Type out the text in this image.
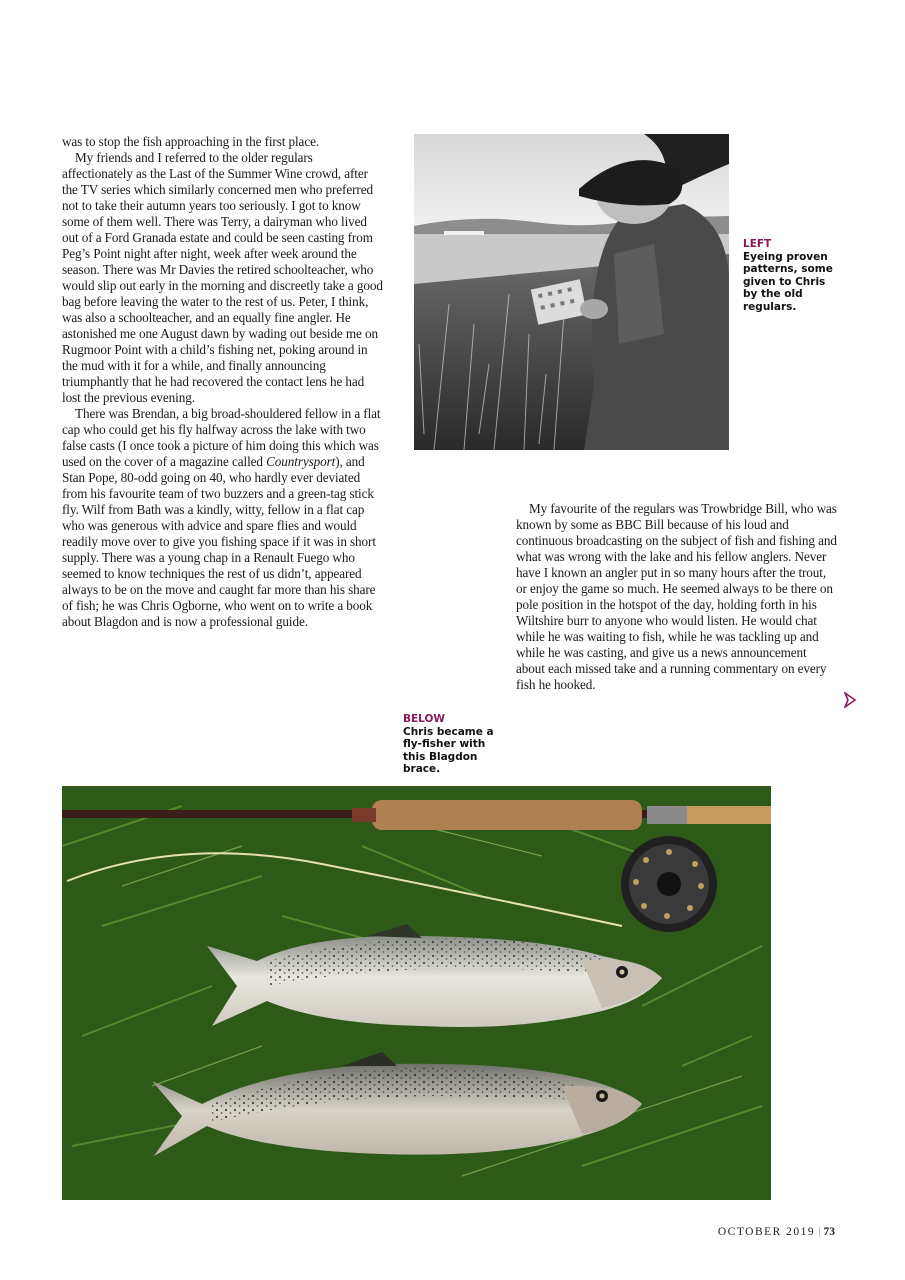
was to stop the fish approaching in the first place.

My friends and I referred to the older regulars affectionately as the Last of the Summer Wine crowd, after the TV series which similarly concerned men who preferred not to take their autumn years too seriously. I got to know some of them well. There was Terry, a dairyman who lived out of a Ford Granada estate and could be seen casting from Peg’s Point night after night, week after week around the season. There was Mr Davies the retired schoolteacher, who would slip out early in the morning and discreetly take a good bag before leaving the water to the rest of us. Peter, I think, was also a schoolteacher, and an equally fine angler. He astonished me one August dawn by wading out beside me on Rugmoor Point with a child’s fishing net, poking around in the mud with it for a while, and finally announcing triumphantly that he had recovered the contact lens he had lost the previous evening.

There was Brendan, a big broad-shouldered fellow in a flat cap who could get his fly halfway across the lake with two false casts (I once took a picture of him doing this which was used on the cover of a magazine called Countrysport), and Stan Pope, 80-odd going on 40, who hardly ever deviated from his favourite team of two buzzers and a green-tag stick fly. Wilf from Bath was a kindly, witty, fellow in a flat cap who was generous with advice and spare flies and would readily move over to give you fishing space if it was in short supply. There was a young chap in a Renault Fuego who seemed to know techniques the rest of us didn’t, appeared always to be on the move and caught far more than his share of fish; he was Chris Ogborne, who went on to write a book about Blagdon and is now a professional guide.

LEFT
Eyeing proven patterns, some given to Chris by the old regulars.

My favourite of the regulars was Trowbridge Bill, who was known by some as BBC Bill because of his loud and continuous broadcasting on the subject of fish and fishing and what was wrong with the lake and his fellow anglers. Never have I known an angler put in so many hours after the trout, or enjoy the game so much. He seemed always to be there on pole position in the hotspot of the day, holding forth in his Wiltshire burr to anyone who would listen. He would chat while he was waiting to fish, while he was tackling up and while he was casting, and give us a news announcement about each missed take and a running commentary on every fish he hooked.

BELOW
Chris became a fly-fisher with this Blagdon brace.
OCTOBER 2019 | 73
